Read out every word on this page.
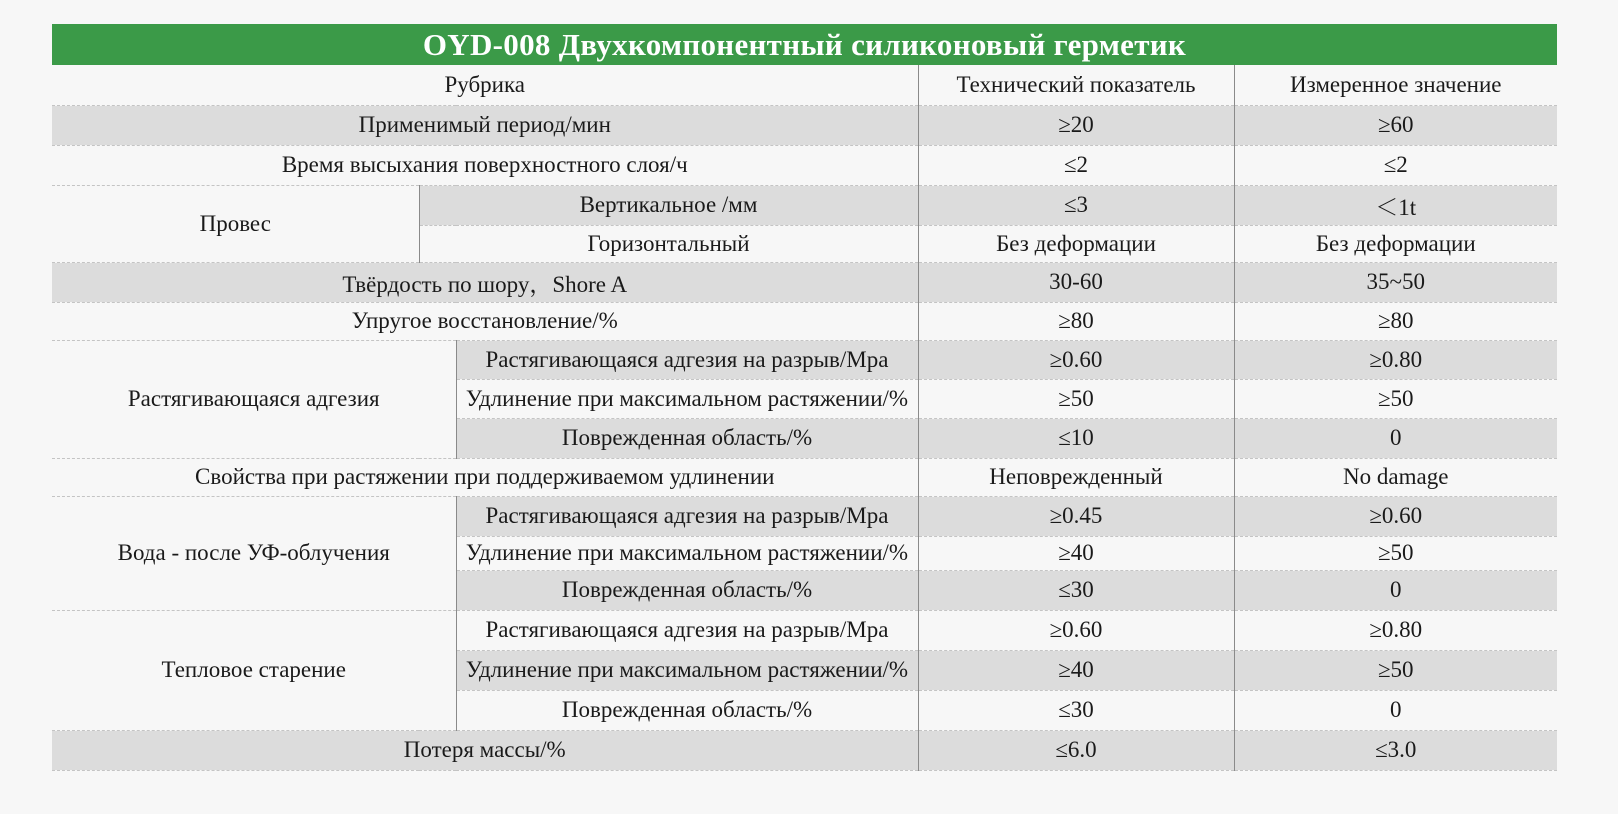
OYD-008 Двухкомпонентный силиконовый герметик
Рубрика			Технический показатель	Измеренное значение
Применимый период/мин			≥20	≥60
Время высыхания поверхностного слоя/ч			≤2	≤2
Провес	Вертикальное /мм		≤3	＜1t
	Горизонтальный		Без деформации	Без деформации
Твёрдость по шору，Shore A			30-60	35~50
Упругое восстановление/%			≥80	≥80
Растягивающаяся адгезия		Растягивающаяся адгезия на разрыв/Mpa	≥0.60	≥0.80
		Удлинение при максимальном растяжении/%	≥50	≥50
		Поврежденная область/%	≤10	0
Свойства при растяжении при поддерживаемом удлинении			Неповрежденный	No damage
Вода - после УФ-облучения		Растягивающаяся адгезия на разрыв/Mpa	≥0.45	≥0.60
		Удлинение при максимальном растяжении/%	≥40	≥50
		Поврежденная область/%	≤30	0
Тепловое старение		Растягивающаяся адгезия на разрыв/Mpa	≥0.60	≥0.80
		Удлинение при максимальном растяжении/%	≥40	≥50
		Поврежденная область/%	≤30	0
Потеря массы/%			≤6.0	≤3.0
